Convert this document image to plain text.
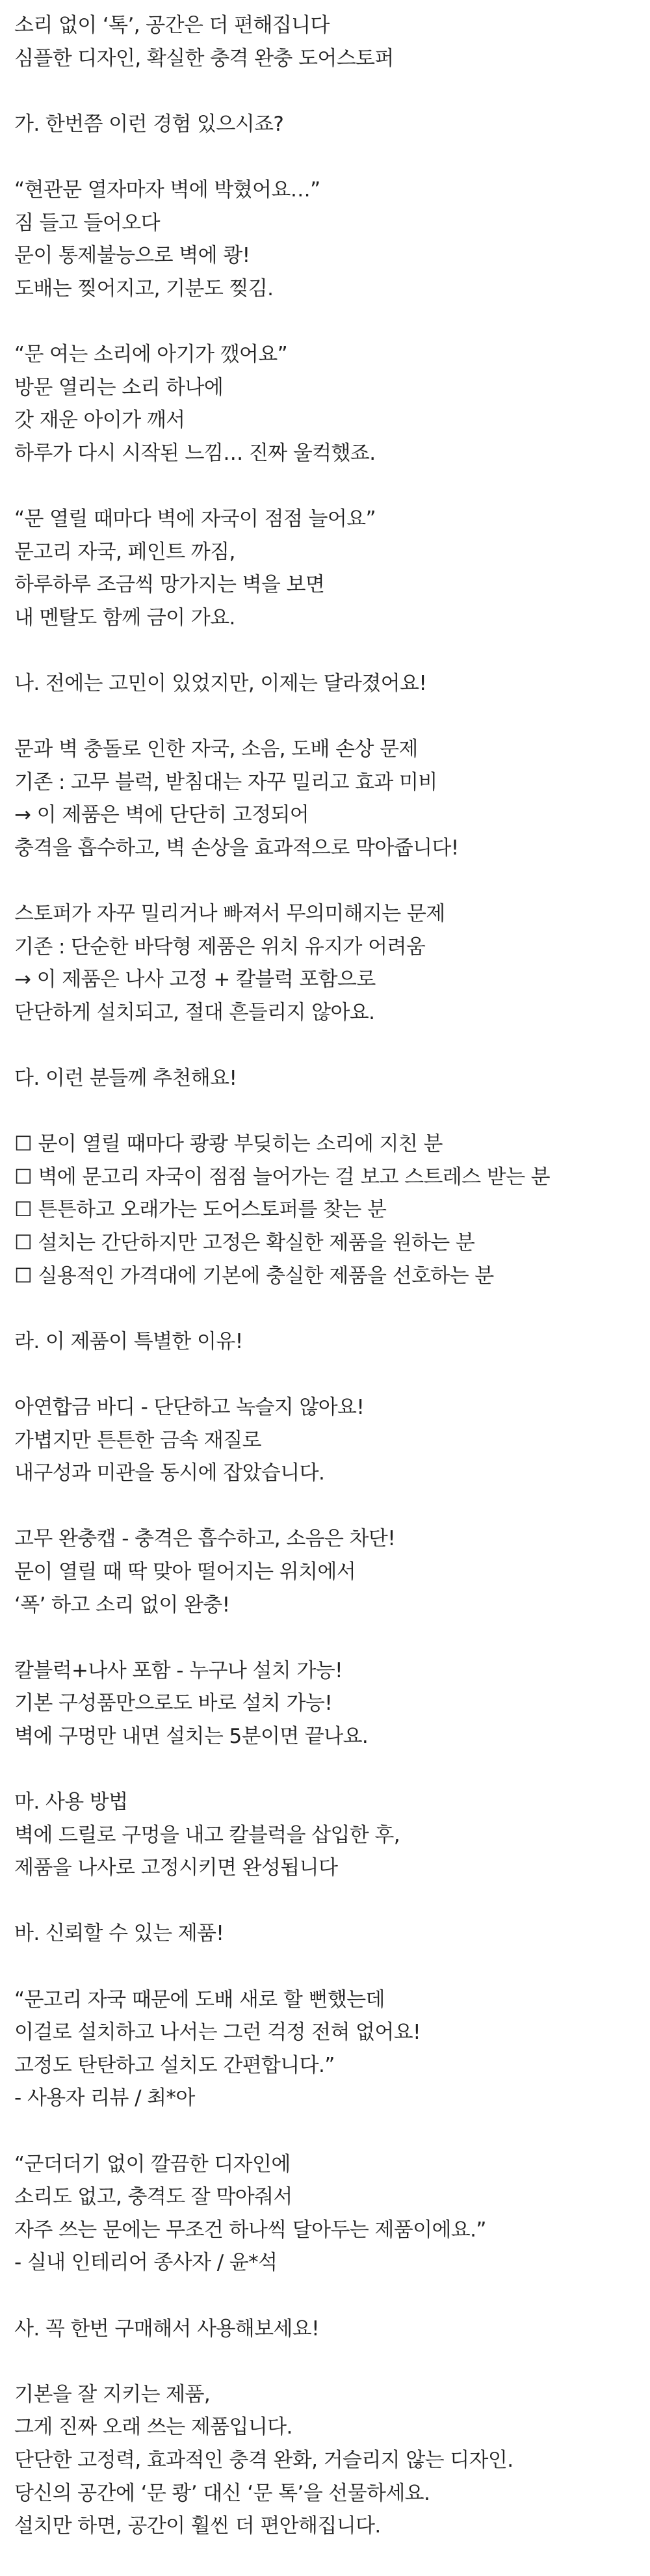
소리 없이 ‘톡’, 공간은 더 편해집니다
심플한 디자인, 확실한 충격 완충 도어스토퍼
가. 한번쯤 이런 경험 있으시죠?
“현관문 열자마자 벽에 박혔어요…”
짐 들고 들어오다
문이 통제불능으로 벽에 쾅!
도배는 찢어지고, 기분도 찢김.
“문 여는 소리에 아기가 깼어요”
방문 열리는 소리 하나에
갓 재운 아이가 깨서
하루가 다시 시작된 느낌… 진짜 울컥했죠.
“문 열릴 때마다 벽에 자국이 점점 늘어요”
문고리 자국, 페인트 까짐,
하루하루 조금씩 망가지는 벽을 보면
내 멘탈도 함께 금이 가요.
나. 전에는 고민이 있었지만, 이제는 달라졌어요!
문과 벽 충돌로 인한 자국, 소음, 도배 손상 문제
기존 : 고무 블럭, 받침대는 자꾸 밀리고 효과 미비
→ 이 제품은 벽에 단단히 고정되어
충격을 흡수하고, 벽 손상을 효과적으로 막아줍니다!
스토퍼가 자꾸 밀리거나 빠져서 무의미해지는 문제
기존 : 단순한 바닥형 제품은 위치 유지가 어려움
→ 이 제품은 나사 고정 + 칼블럭 포함으로
단단하게 설치되고, 절대 흔들리지 않아요.
다. 이런 분들께 추천해요!
☐ 문이 열릴 때마다 쾅쾅 부딪히는 소리에 지친 분
☐ 벽에 문고리 자국이 점점 늘어가는 걸 보고 스트레스 받는 분
☐ 튼튼하고 오래가는 도어스토퍼를 찾는 분
☐ 설치는 간단하지만 고정은 확실한 제품을 원하는 분
☐ 실용적인 가격대에 기본에 충실한 제품을 선호하는 분
라. 이 제품이 특별한 이유!
아연합금 바디 - 단단하고 녹슬지 않아요!
가볍지만 튼튼한 금속 재질로
내구성과 미관을 동시에 잡았습니다.
고무 완충캡 - 충격은 흡수하고, 소음은 차단!
문이 열릴 때 딱 맞아 떨어지는 위치에서
‘폭’ 하고 소리 없이 완충!
칼블럭+나사 포함 - 누구나 설치 가능!
기본 구성품만으로도 바로 설치 가능!
벽에 구멍만 내면 설치는 5분이면 끝나요.
마. 사용 방법
벽에 드릴로 구멍을 내고 칼블럭을 삽입한 후,
제품을 나사로 고정시키면 완성됩니다
바. 신뢰할 수 있는 제품!
“문고리 자국 때문에 도배 새로 할 뻔했는데
이걸로 설치하고 나서는 그런 걱정 전혀 없어요!
고정도 탄탄하고 설치도 간편합니다.”
- 사용자 리뷰 / 최*아
“군더더기 없이 깔끔한 디자인에
소리도 없고, 충격도 잘 막아줘서
자주 쓰는 문에는 무조건 하나씩 달아두는 제품이에요.”
- 실내 인테리어 종사자 / 윤*석
사. 꼭 한번 구매해서 사용해보세요!
기본을 잘 지키는 제품,
그게 진짜 오래 쓰는 제품입니다.
단단한 고정력, 효과적인 충격 완화, 거슬리지 않는 디자인.
당신의 공간에 ‘문 쾅’ 대신 ‘문 톡’을 선물하세요.
설치만 하면, 공간이 훨씬 더 편안해집니다.
